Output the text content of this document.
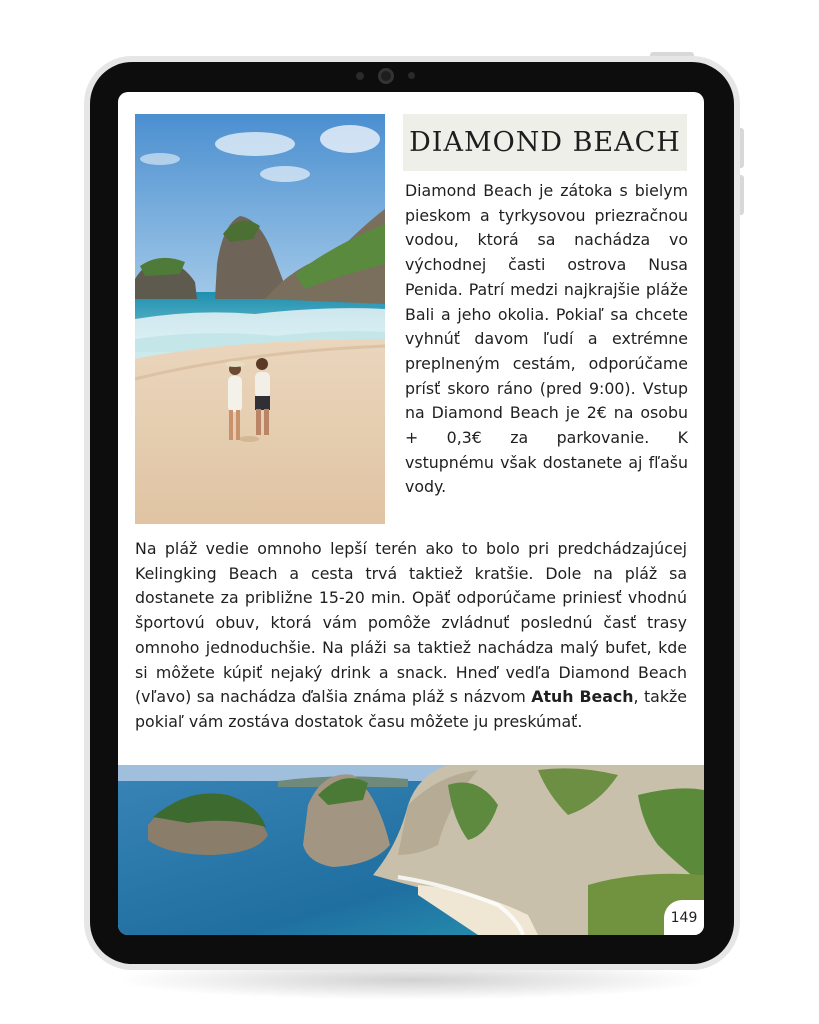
DIAMOND BEACH
Diamond Beach je zátoka s bielym pieskom a tyrkysovou priezračnou vodou, ktorá sa nachádza vo východnej časti ostrova Nusa Penida. Patrí medzi najkrajšie pláže Bali a jeho okolia. Pokiaľ sa chcete vyhnúť davom ľudí a extrémne preplneným cestám, odporúčame prísť skoro ráno (pred 9:00). Vstup na Diamond Beach je 2€ na osobu + 0,3€ za parkovanie. K vstupnému však dostanete aj fľašu vody.
Na pláž vedie omnoho lepší terén ako to bolo pri predchádzajúcej Kelingking Beach a cesta trvá taktiež kratšie. Dole na pláž sa dostanete za približne 15-20 min. Opäť odporúčame priniesť vhodnú športovú obuv, ktorá vám pomôže zvládnuť poslednú časť trasy omnoho jednoduchšie. Na pláži sa taktiež nachádza malý bufet, kde si môžete kúpiť nejaký drink a snack. Hneď vedľa Diamond Beach (vľavo) sa nachádza ďalšia známa pláž s názvom Atuh Beach, takže pokiaľ vám zostáva dostatok času môžete ju preskúmať.
149
